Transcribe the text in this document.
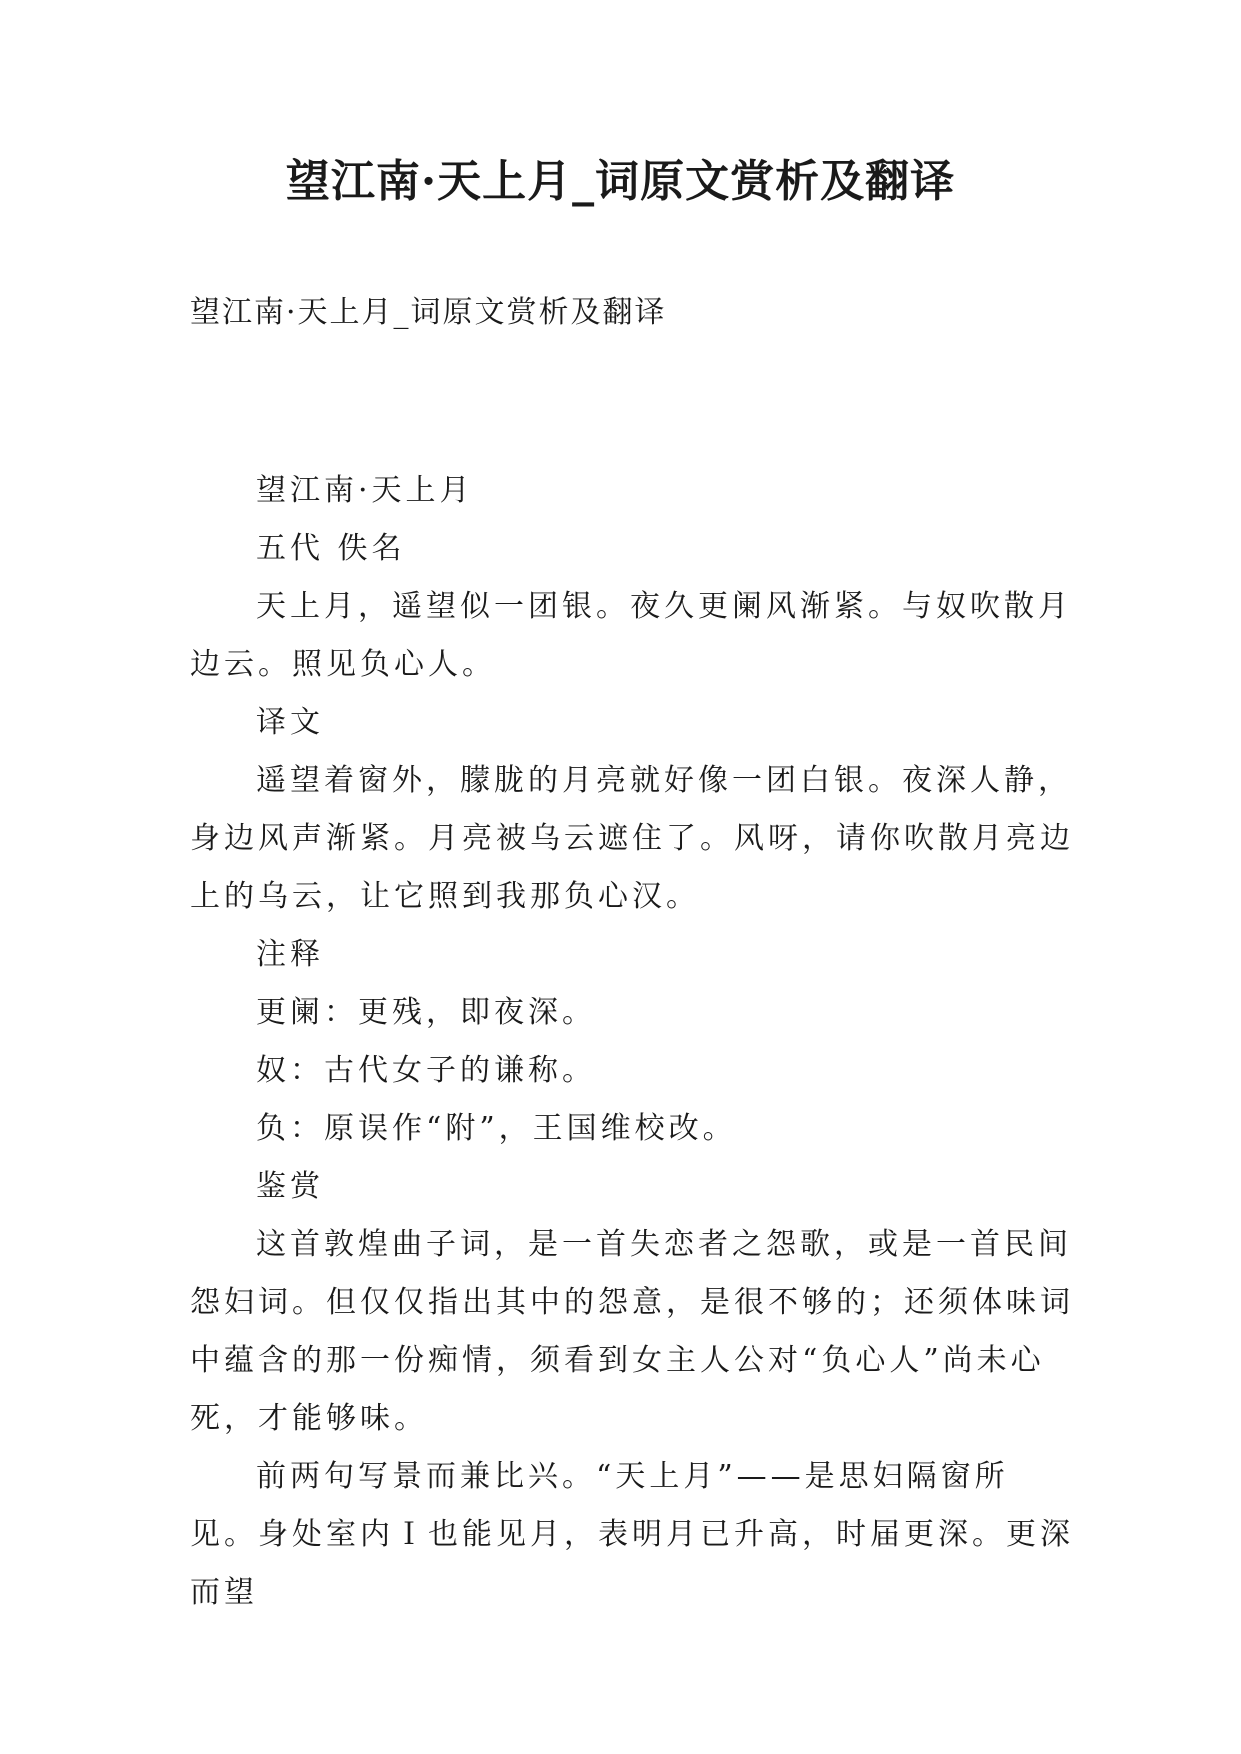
望江南·天上月_词原文赏析及翻译
望江南·天上月_词原文赏析及翻译

望江南·天上月

五代 佚名

天上月，遥望似一团银。夜久更阑风渐紧。与奴吹散月边云。照见负心人。

译文

遥望着窗外，朦胧的月亮就好像一团白银。夜深人静，身边风声渐紧。月亮被乌云遮住了。风呀，请你吹散月亮边上的乌云，让它照到我那负心汉。

注释

更阑：更残，即夜深。

奴：古代女子的谦称。

负：原误作“附”，王国维校改。

鉴赏

这首敦煌曲子词，是一首失恋者之怨歌，或是一首民间怨妇词。但仅仅指出其中的怨意，是很不够的；还须体味词中蕴含的那一份痴情，须看到女主人公对“负心人”尚未心死，才能够味。

前两句写景而兼比兴。“天上月”——是思妇隔窗所见。身处室内Ｉ也能见月，表明月已升高，时届更深。更深而望
